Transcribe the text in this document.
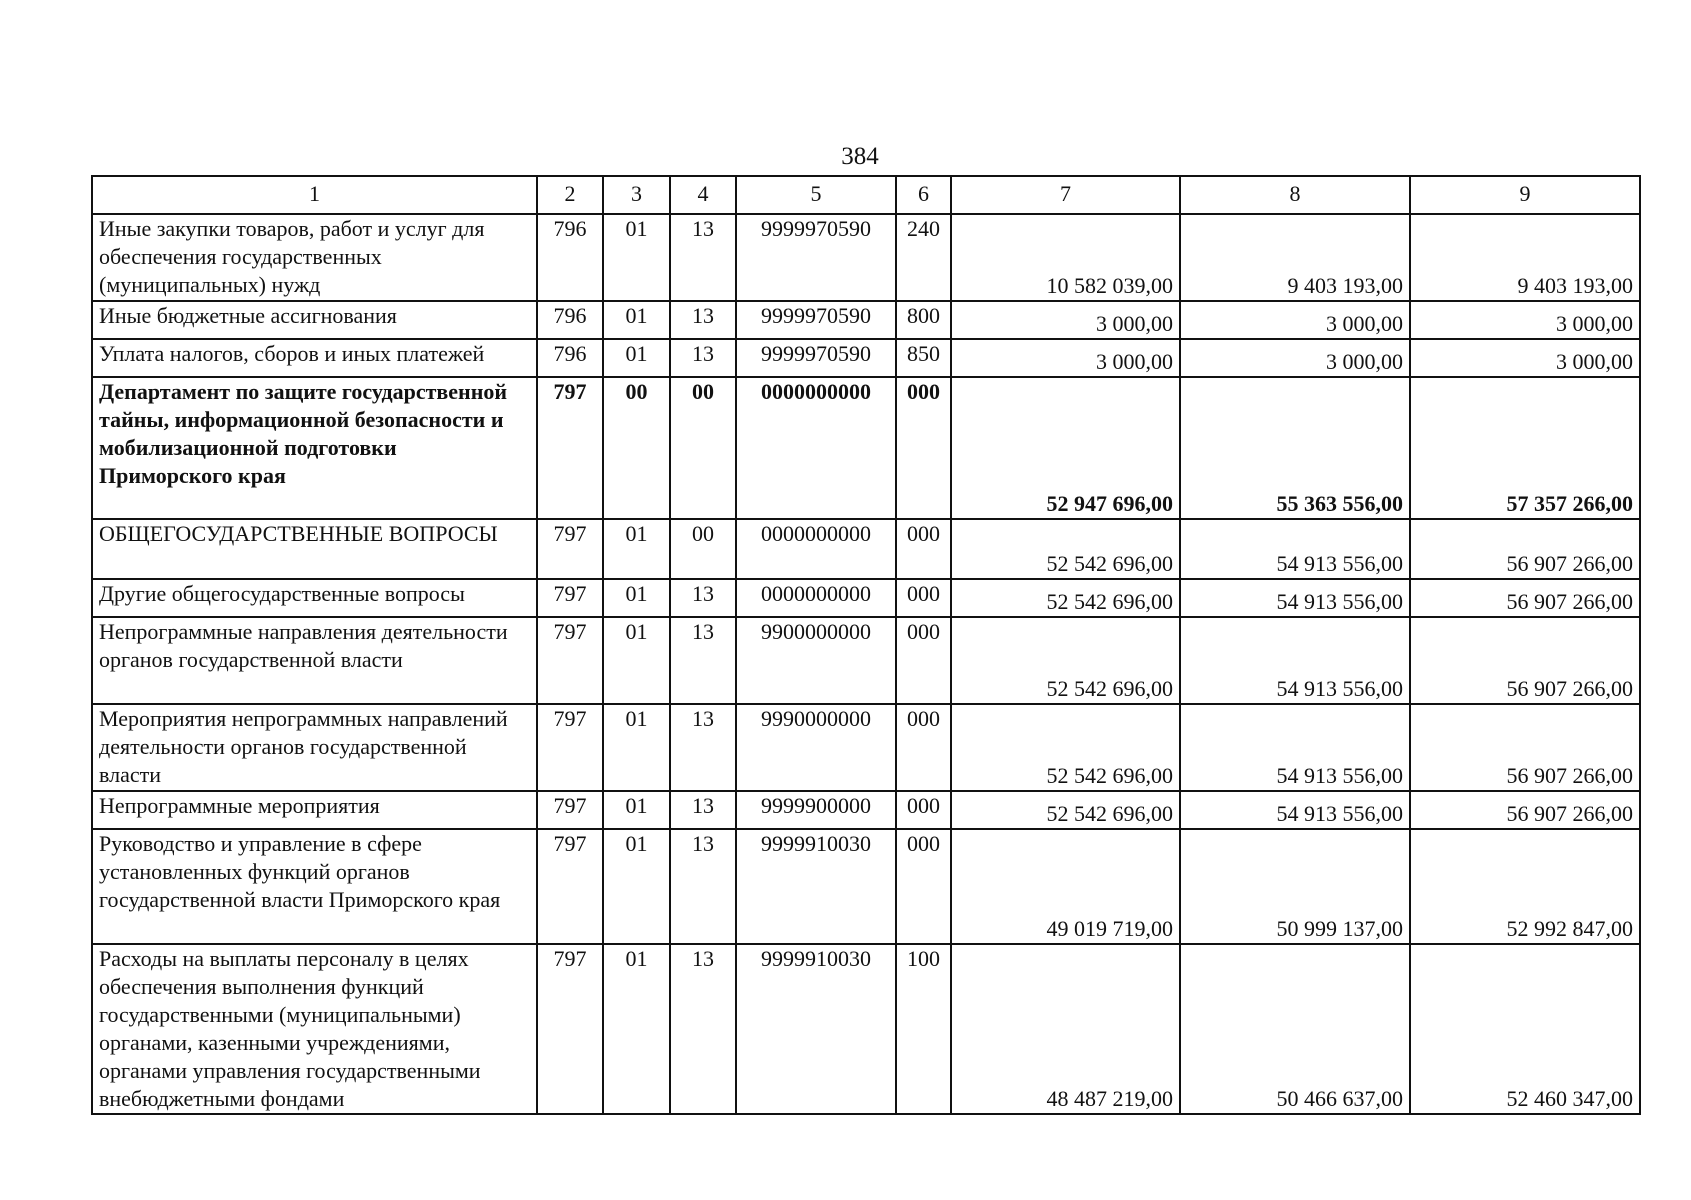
384
1	2	3	4	5	6	7	8	9
Иные закупки товаров, работ и услуг для обеспечения государственных (муниципальных) нужд	796	01	13	9999970590	240	10 582 039,00	9 403 193,00	9 403 193,00
Иные бюджетные ассигнования	796	01	13	9999970590	800	3 000,00	3 000,00	3 000,00
Уплата налогов, сборов и иных платежей	796	01	13	9999970590	850	3 000,00	3 000,00	3 000,00
Департамент по защите государственной тайны, информационной безопасности и мобилизационной подготовки Приморского края	797	00	00	0000000000	000	52 947 696,00	55 363 556,00	57 357 266,00
ОБЩЕГОСУДАРСТВЕННЫЕ ВОПРОСЫ	797	01	00	0000000000	000	52 542 696,00	54 913 556,00	56 907 266,00
Другие общегосударственные вопросы	797	01	13	0000000000	000	52 542 696,00	54 913 556,00	56 907 266,00
Непрограммные направления деятельности органов государственной власти	797	01	13	9900000000	000	52 542 696,00	54 913 556,00	56 907 266,00
Мероприятия непрограммных направлений деятельности органов государственной власти	797	01	13	9990000000	000	52 542 696,00	54 913 556,00	56 907 266,00
Непрограммные мероприятия	797	01	13	9999900000	000	52 542 696,00	54 913 556,00	56 907 266,00
Руководство и управление в сфере установленных функций органов государственной власти Приморского края	797	01	13	9999910030	000	49 019 719,00	50 999 137,00	52 992 847,00
Расходы на выплаты персоналу в целях обеспечения выполнения функций государственными (муниципальными) органами, казенными учреждениями, органами управления государственными внебюджетными фондами	797	01	13	9999910030	100	48 487 219,00	50 466 637,00	52 460 347,00
